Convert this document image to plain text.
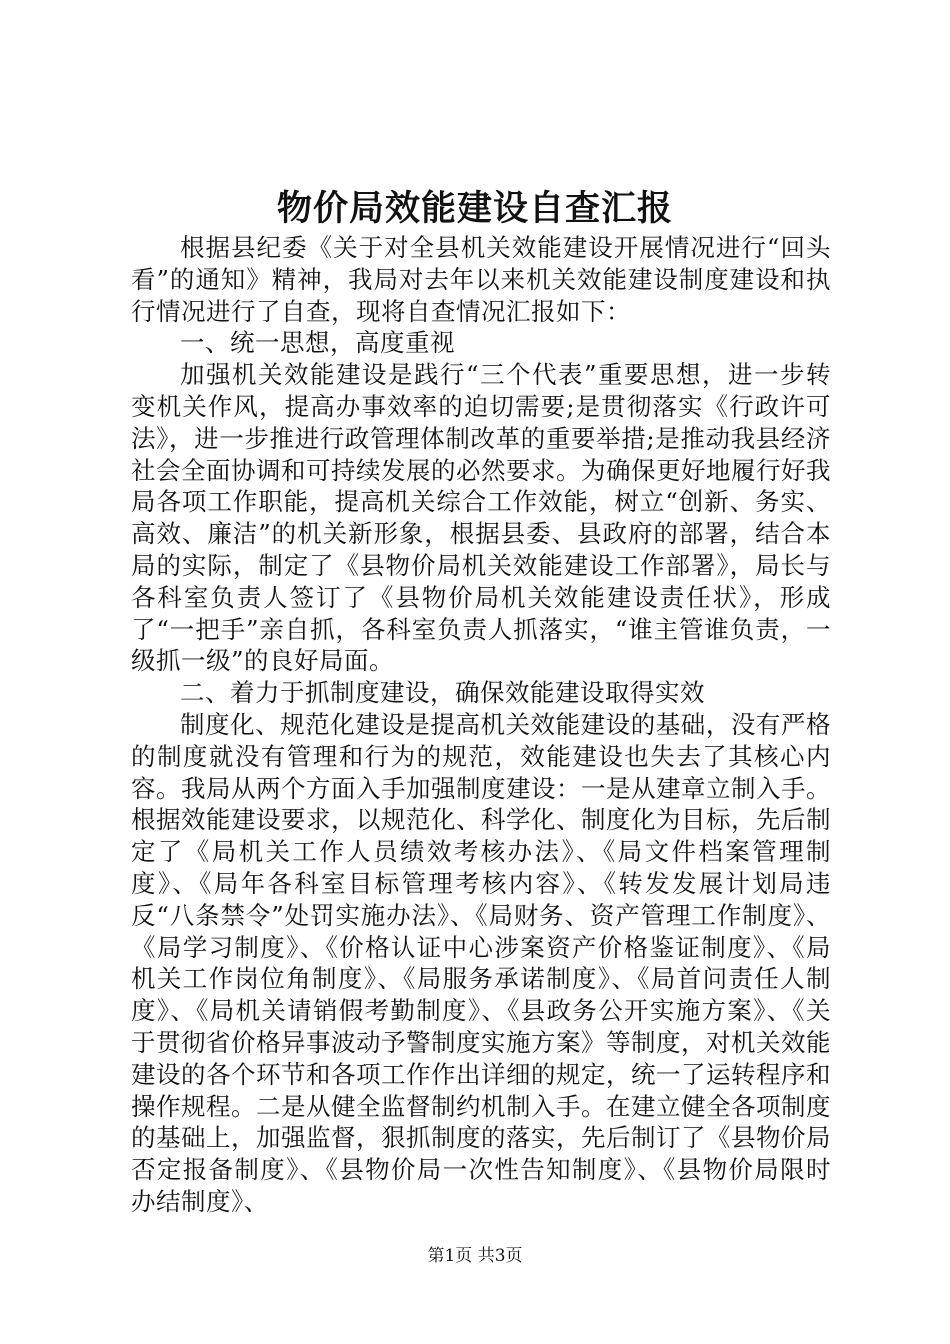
物价局效能建设自查汇报

根据县纪委《关于对全县机关效能建设开展情况进行“回头看”的通知》精神，我局对去年以来机关效能建设制度建设和执行情况进行了自查，现将自查情况汇报如下：

一、统一思想，高度重视

加强机关效能建设是践行“三个代表”重要思想，进一步转变机关作风，提高办事效率的迫切需要;是贯彻落实《行政许可法》，进一步推进行政管理体制改革的重要举措;是推动我县经济社会全面协调和可持续发展的必然要求。为确保更好地履行好我局各项工作职能，提高机关综合工作效能，树立“创新、务实、高效、廉洁”的机关新形象，根据县委、县政府的部署，结合本局的实际，制定了《县物价局机关效能建设工作部署》，局长与各科室负责人签订了《县物价局机关效能建设责任状》，形成了“一把手”亲自抓，各科室负责人抓落实，“谁主管谁负责，一级抓一级”的良好局面。

二、着力于抓制度建设，确保效能建设取得实效

制度化、规范化建设是提高机关效能建设的基础，没有严格的制度就没有管理和行为的规范，效能建设也失去了其核心内容。我局从两个方面入手加强制度建设：一是从建章立制入手。根据效能建设要求，以规范化、科学化、制度化为目标，先后制定了《局机关工作人员绩效考核办法》、《局文件档案管理制度》、《局年各科室目标管理考核内容》、《转发发展计划局违反“八条禁令”处罚实施办法》、《局财务、资产管理工作制度》、《局学习制度》、《价格认证中心涉案资产价格鉴证制度》、《局机关工作岗位角制度》、《局服务承诺制度》、《局首问责任人制度》、《局机关请销假考勤制度》、《县政务公开实施方案》、《关于贯彻省价格异事波动予警制度实施方案》等制度，对机关效能建设的各个环节和各项工作作出详细的规定，统一了运转程序和操作规程。二是从健全监督制约机制入手。在建立健全各项制度的基础上，加强监督，狠抓制度的落实，先后制订了《县物价局否定报备制度》、《县物价局一次性告知制度》、《县物价局限时办结制度》、

第1页 共3页
